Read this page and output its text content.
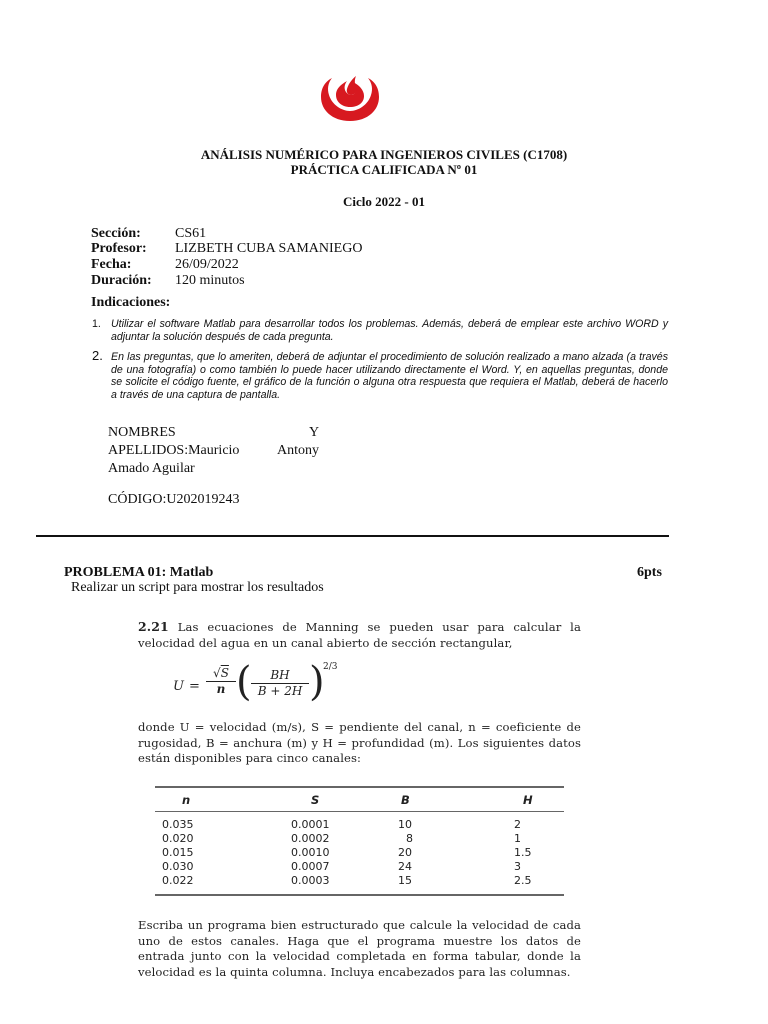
ANÁLISIS NUMÉRICO PARA INGENIEROS CIVILES (C1708)
PRÁCTICA CALIFICADA Nº 01
Ciclo 2022 - 01
Sección: CS61
Profesor: LIZBETH CUBA SAMANIEGO
Fecha:	26/09/2022
Duración: 120 minutos
Indicaciones:
1. Utilizar el software Matlab para desarrollar todos los problemas. Además, deberá de emplear este archivo WORD y adjuntar la solución después de cada pregunta.
2. En las preguntas, que lo ameriten, deberá de adjuntar el procedimiento de solución realizado a mano alzada (a través de una fotografía) o como también lo puede hacer utilizando directamente el Word. Y, en aquellas preguntas, donde se solicite el código fuente, el gráfico de la función o alguna otra respuesta que requiera el Matlab, deberá de hacerlo a través de una captura de pantalla.
NOMBRES	Y
APELLIDOS:Mauricio	Antony
Amado Aguilar
CÓDIGO:U202019243
PROBLEMA 01: Matlab	6pts
Realizar un script para mostrar los resultados
2.21 Las ecuaciones de Manning se pueden usar para calcular la velocidad del agua en un canal abierto de sección rectangular,
U =
√S
n (	BH
B + 2H )
2/3
donde U = velocidad (m/s), S = pendiente del canal, n = coeficiente de rugosidad, B = anchura (m) y H = profundidad (m). Los siguientes datos están disponibles para cinco canales:
n	S	B	H
0.035	0.0001	10	2
0.020	0.0002	8	1
0.015	0.0010	20	1.5
0.030	0.0007	24	3
0.022	0.0003	15	2.5
Escriba un programa bien estructurado que calcule la velocidad de cada uno de estos canales. Haga que el programa muestre los datos de entrada junto con la velocidad completada en forma tabular, donde la velocidad es la quinta columna. Incluya encabezados para las columnas.
